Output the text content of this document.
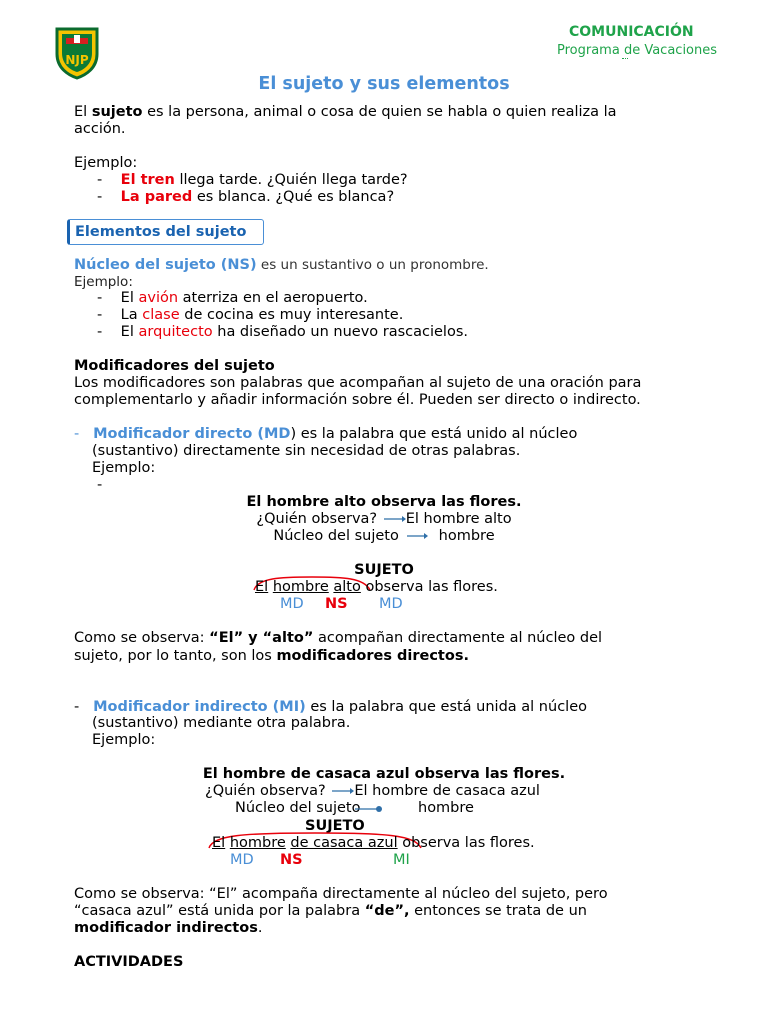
NJP
COMUNICACIÓN
Programa de Vacaciones
El sujeto y sus elementos
El sujeto es la persona, animal o cosa de quien se habla o quien realiza la
acción.
Ejemplo:
-    El tren llega tarde. ¿Quién llega tarde?
-    La pared es blanca. ¿Qué es blanca?
Elementos del sujeto
Núcleo del sujeto (NS) es un sustantivo o un pronombre.
Ejemplo:
-    El avión aterriza en el aeropuerto.
-    La clase de cocina es muy interesante.
-    El arquitecto ha diseñado un nuevo rascacielos.
Modificadores del sujeto
Los modificadores son palabras que acompañan al sujeto de una oración para
complementarlo y añadir información sobre él. Pueden ser directo o indirecto.
- Modificador directo (MD) es la palabra que está unido al núcleo
(sustantivo) directamente sin necesidad de otras palabras.
Ejemplo:
-
El hombre alto observa las flores.
¿Quién observa? El hombre alto
Núcleo del sujeto	hombre
SUJETO
El hombre alto observa las flores.
MD NS MD
Como se observa: “El” y “alto” acompañan directamente al núcleo del
sujeto, por lo tanto, son los modificadores directos.
-   Modificador indirecto (MI) es la palabra que está unida al núcleo
(sustantivo) mediante otra palabra.
Ejemplo:
El hombre de casaca azul observa las flores.
¿Quién observa? El hombre de casaca azul
Núcleo del sujeto	hombre
SUJETO
El hombre de casaca azul observa las flores.
MD NS	MI
Como se observa: “El” acompaña directamente al núcleo del sujeto, pero
“casaca azul” está unida por la palabra “de”, entonces se trata de un
modificador indirectos.
ACTIVIDADES
